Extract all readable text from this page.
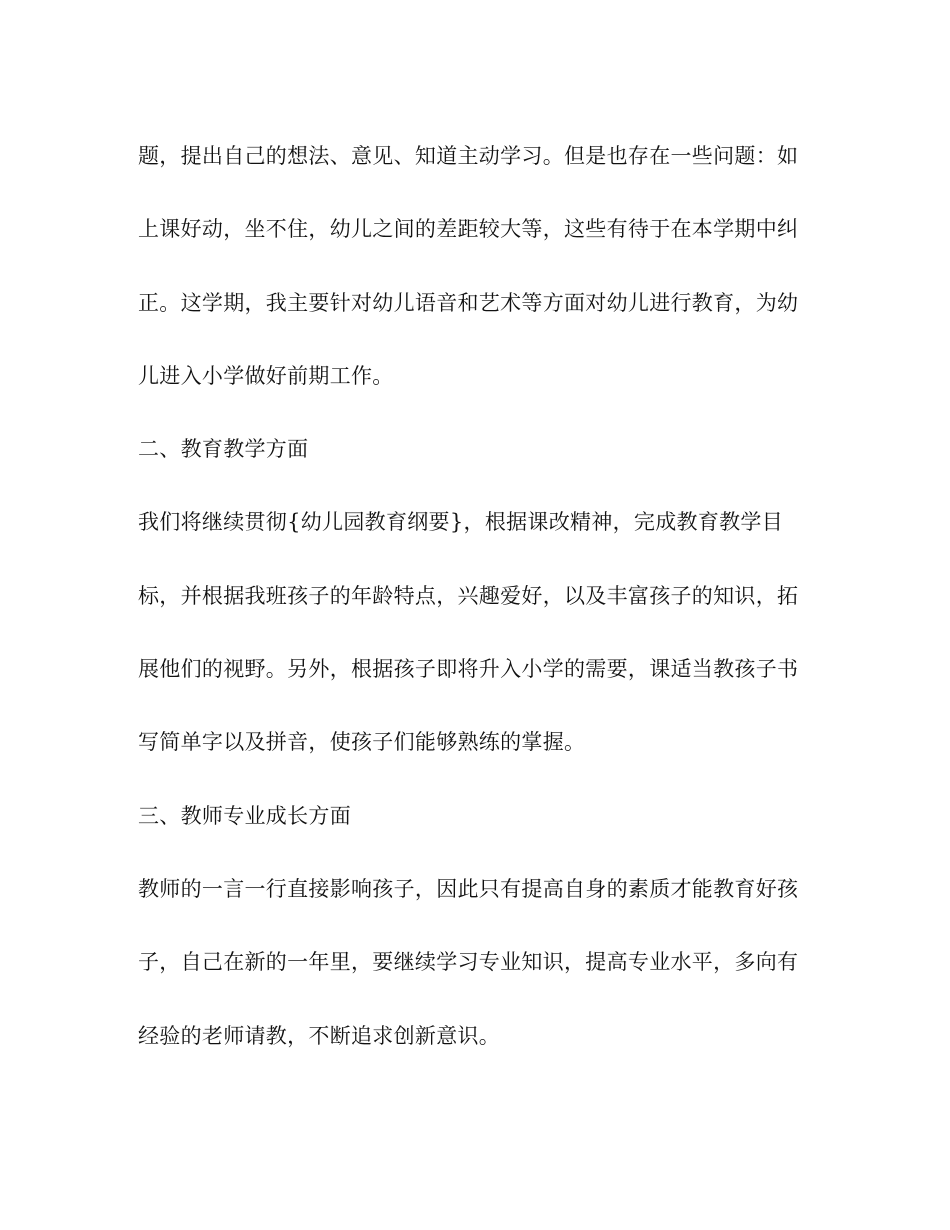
题，提出自己的想法、意见、知道主动学习。但是也存在一些问题：如
上课好动，坐不住，幼儿之间的差距较大等，这些有待于在本学期中纠
正。这学期，我主要针对幼儿语音和艺术等方面对幼儿进行教育，为幼
儿进入小学做好前期工作。
二、教育教学方面
我们将继续贯彻{幼儿园教育纲要}，根据课改精神，完成教育教学目
标，并根据我班孩子的年龄特点，兴趣爱好，以及丰富孩子的知识，拓
展他们的视野。另外，根据孩子即将升入小学的需要，课适当教孩子书
写简单字以及拼音，使孩子们能够熟练的掌握。
三、教师专业成长方面
教师的一言一行直接影响孩子，因此只有提高自身的素质才能教育好孩
子，自己在新的一年里，要继续学习专业知识，提高专业水平，多向有
经验的老师请教，不断追求创新意识。
